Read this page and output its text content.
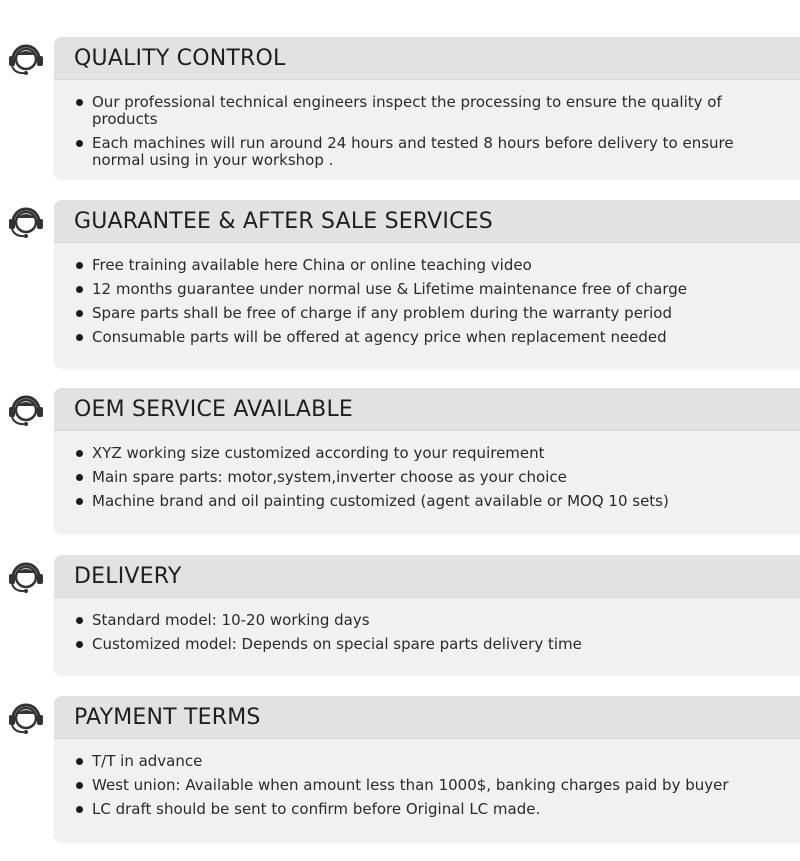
QUALITY CONTROL
Our professional technical engineers inspect the processing to ensure the quality of products
Each machines will run around 24 hours and tested 8 hours before delivery to ensure normal using in your workshop .
GUARANTEE & AFTER SALE SERVICES
Free training available here China or online teaching video
12 months guarantee under normal use & Lifetime maintenance free of charge
Spare parts shall be free of charge if any problem during the warranty period
Consumable parts will be offered at agency price when replacement needed
OEM SERVICE AVAILABLE
XYZ working size customized according to your requirement
Main spare parts: motor,system,inverter choose as your choice
Machine brand and oil painting customized (agent available or MOQ 10 sets)
DELIVERY
Standard model: 10-20 working days
Customized model: Depends on special spare parts delivery time
PAYMENT TERMS
T/T in advance
West union: Available when amount less than 1000$, banking charges paid by buyer
LC draft should be sent to confirm before Original LC made.
